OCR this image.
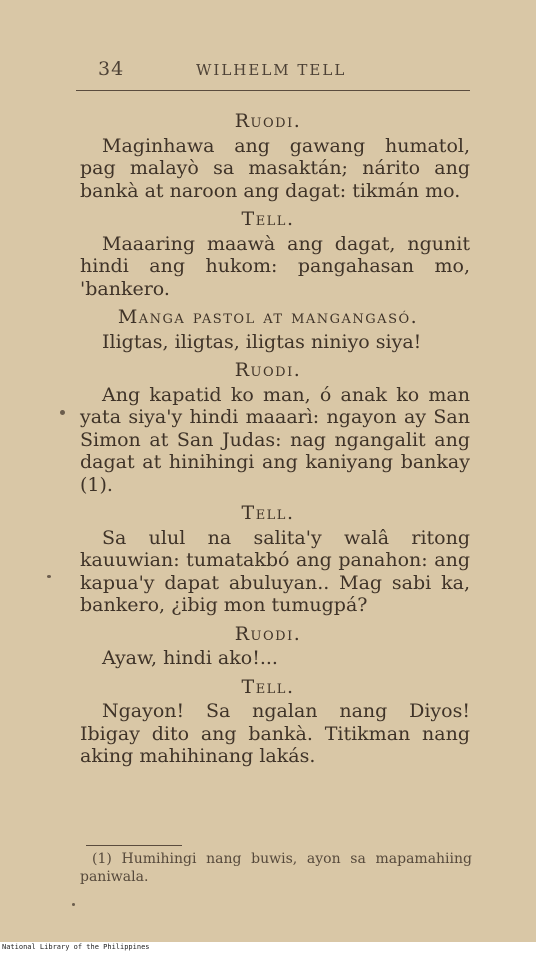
34	WILHELM TELL
Ruodi.
Maginhawa ang gawang humatol, pag malayò sa masaktán; nárito ang bankà at naroon ang dagat: tikmán mo.
Tell.
Maaaring maawà ang dagat, ngunit hindi ang hukom: pangahasan mo, 'bankero.
Manga pastol at mangangasó.
Iligtas, iligtas, iligtas niniyo siya!
Ruodi.
Ang kapatid ko man, ó anak ko man yata siya'y hindi maaarì: ngayon ay San Simon at San Judas: nag ngangalit ang dagat at hinihingi ang kaniyang bankay (1).
Tell.
Sa ulul na salita'y walâ ritong kauuwian: tumatakbó ang panahon: ang kapua'y dapat abuluyan.. Mag sabi ka, bankero, ¿ibig mon tumugpá?
Ruodi.
Ayaw, hindi ako!...
Tell.
Ngayon! Sa ngalan nang Diyos! Ibigay dito ang bankà. Titikman nang aking mahihinang lakás.
(1) Humihingi nang buwis, ayon sa mapamahiing paniwala.
National Library of the Philippines
